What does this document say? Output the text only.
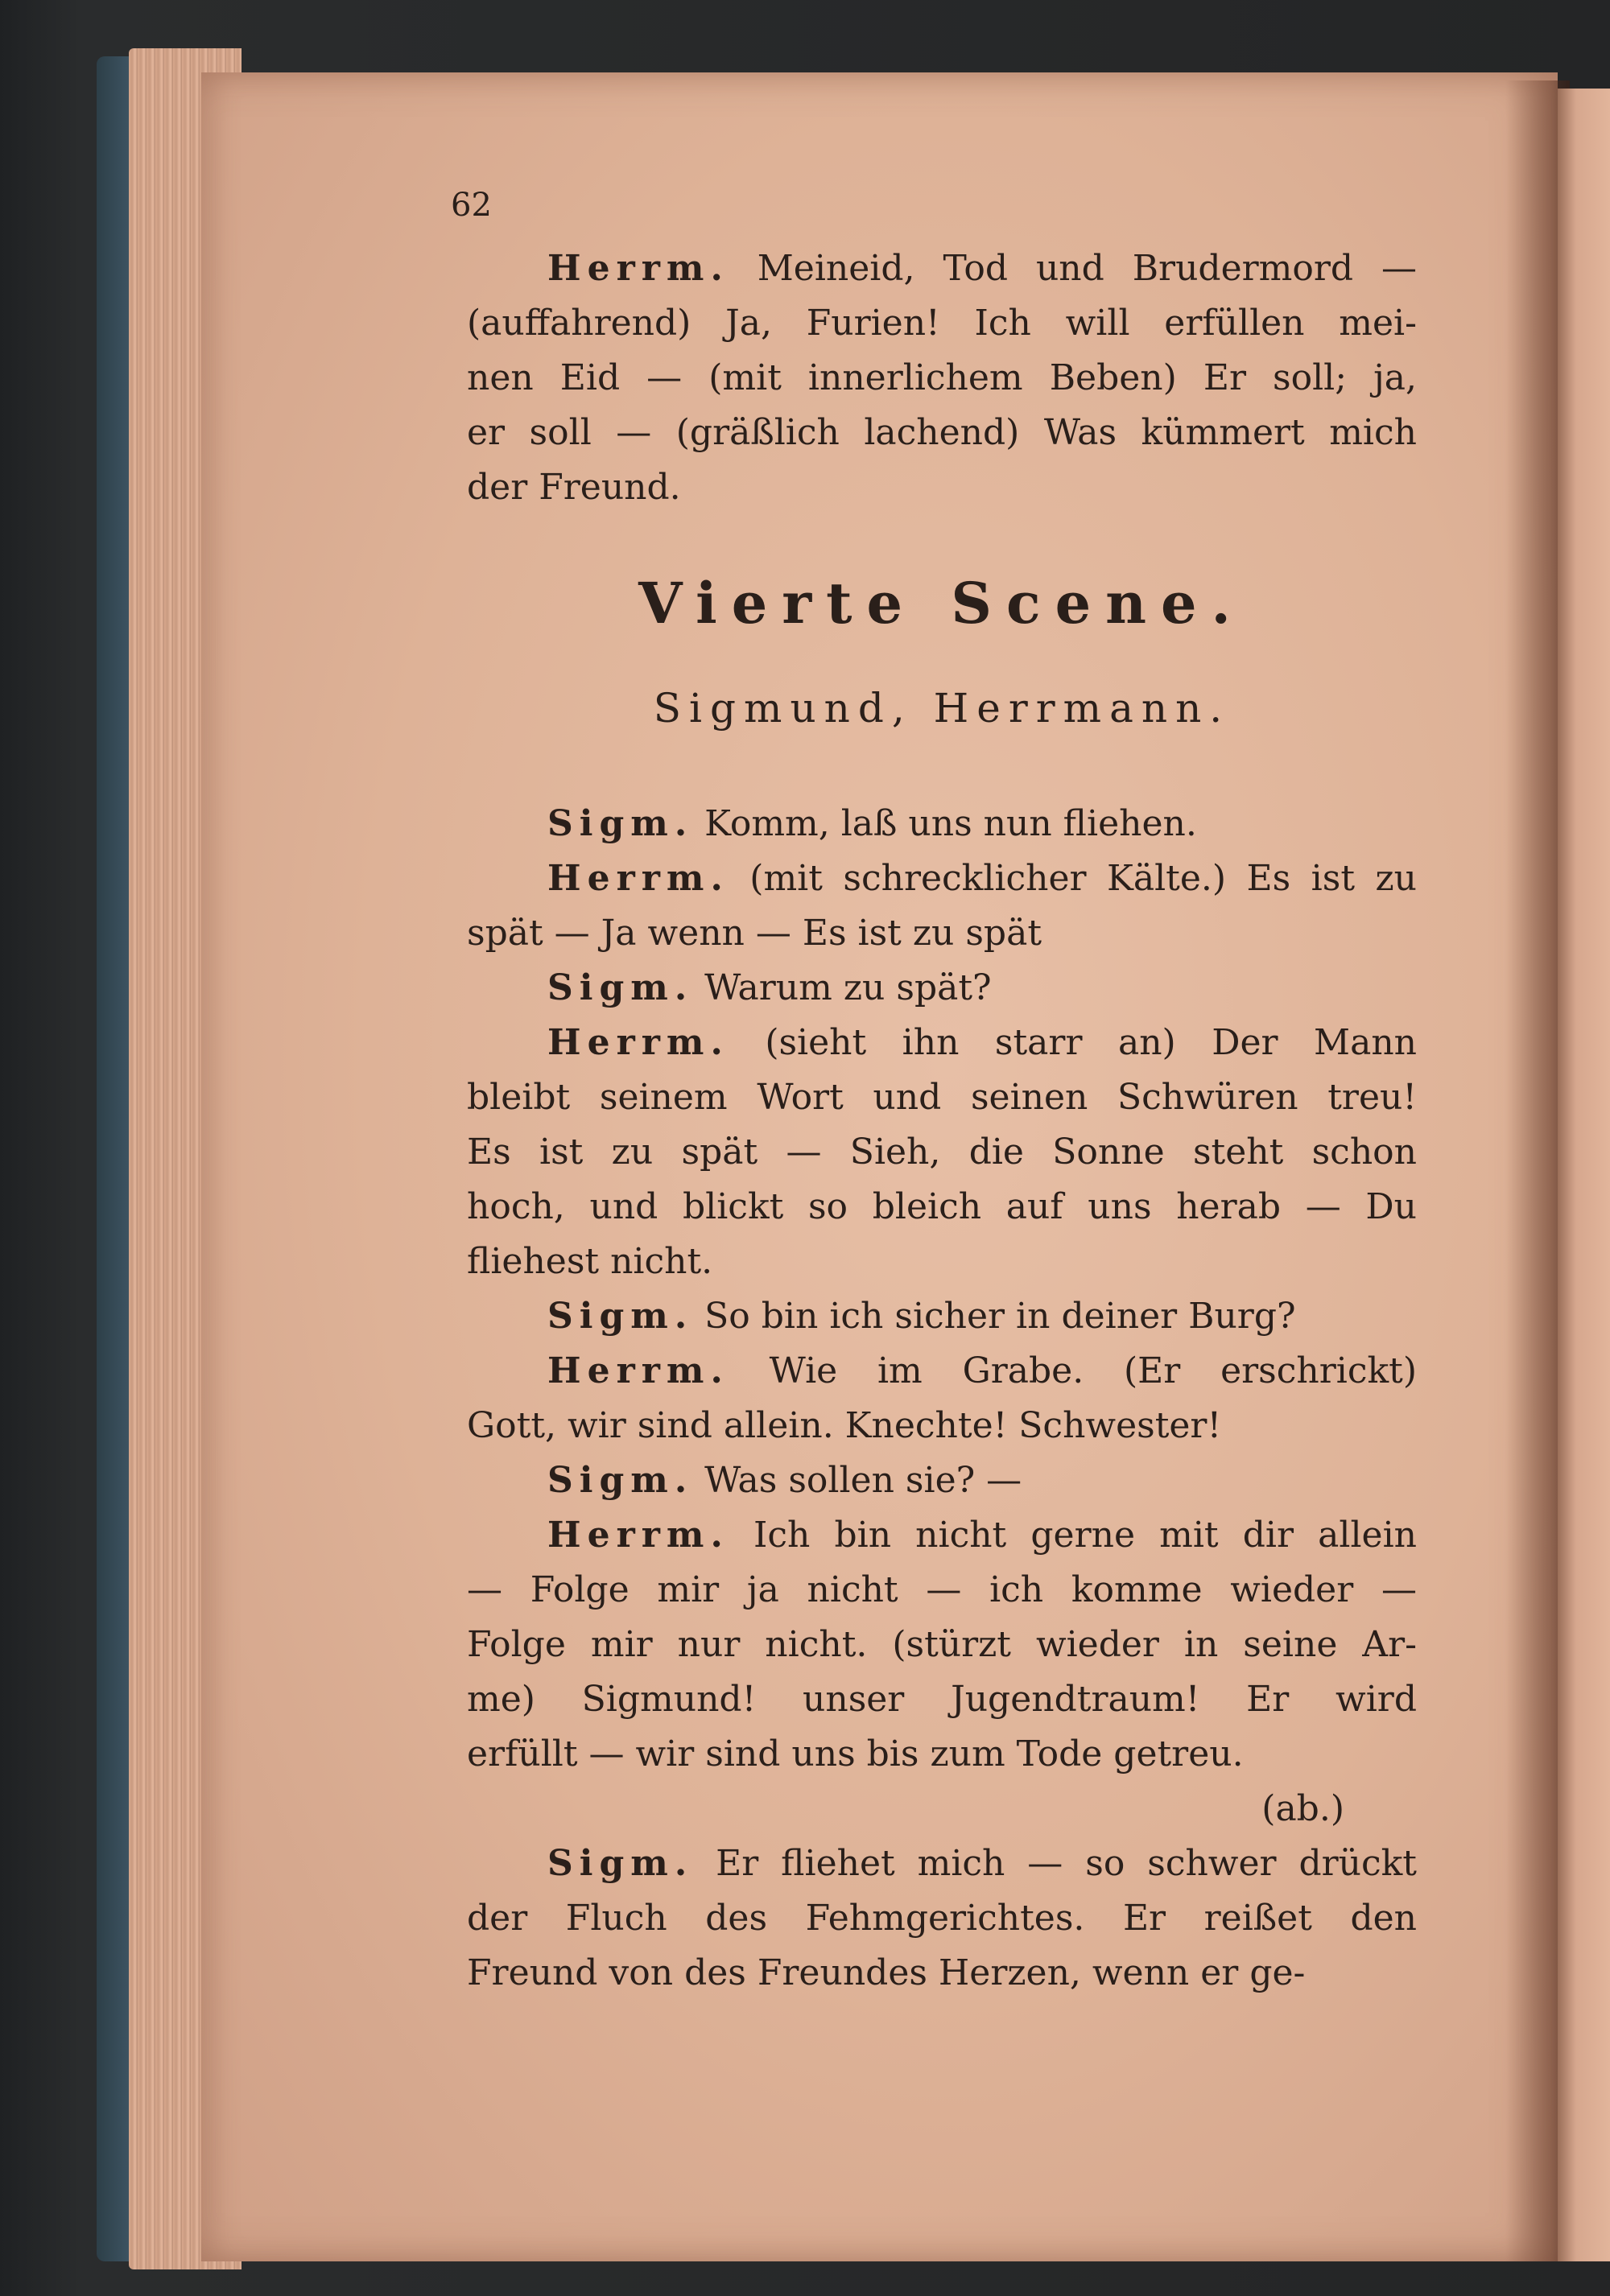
62
Herrm. Meineid, Tod und Brudermord —
(auffahrend) Ja, Furien! Ich will erfüllen mei-
nen Eid — (mit innerlichem Beben) Er soll; ja,
er soll — (gräßlich lachend) Was kümmert mich
der Freund.
Vierte Scene.
Sigmund, Herrmann.
Sigm. Komm, laß uns nun fliehen.
Herrm. (mit schrecklicher Kälte.) Es ist zu
spät — Ja wenn — Es ist zu spät
Sigm. Warum zu spät?
Herrm. (sieht ihn starr an) Der Mann
bleibt seinem Wort und seinen Schwüren treu!
Es ist zu spät — Sieh, die Sonne steht schon
hoch, und blickt so bleich auf uns herab — Du
fliehest nicht.
Sigm. So bin ich sicher in deiner Burg?
Herrm. Wie im Grabe. (Er erschrickt)
Gott, wir sind allein. Knechte! Schwester!
Sigm. Was sollen sie? —
Herrm. Ich bin nicht gerne mit dir allein
— Folge mir ja nicht — ich komme wieder —
Folge mir nur nicht. (stürzt wieder in seine Ar-
me) Sigmund! unser Jugendtraum! Er wird
erfüllt — wir sind uns bis zum Tode getreu.
(ab.)
Sigm. Er fliehet mich — so schwer drückt
der Fluch des Fehmgerichtes. Er reißet den
Freund von des Freundes Herzen, wenn er ge-
